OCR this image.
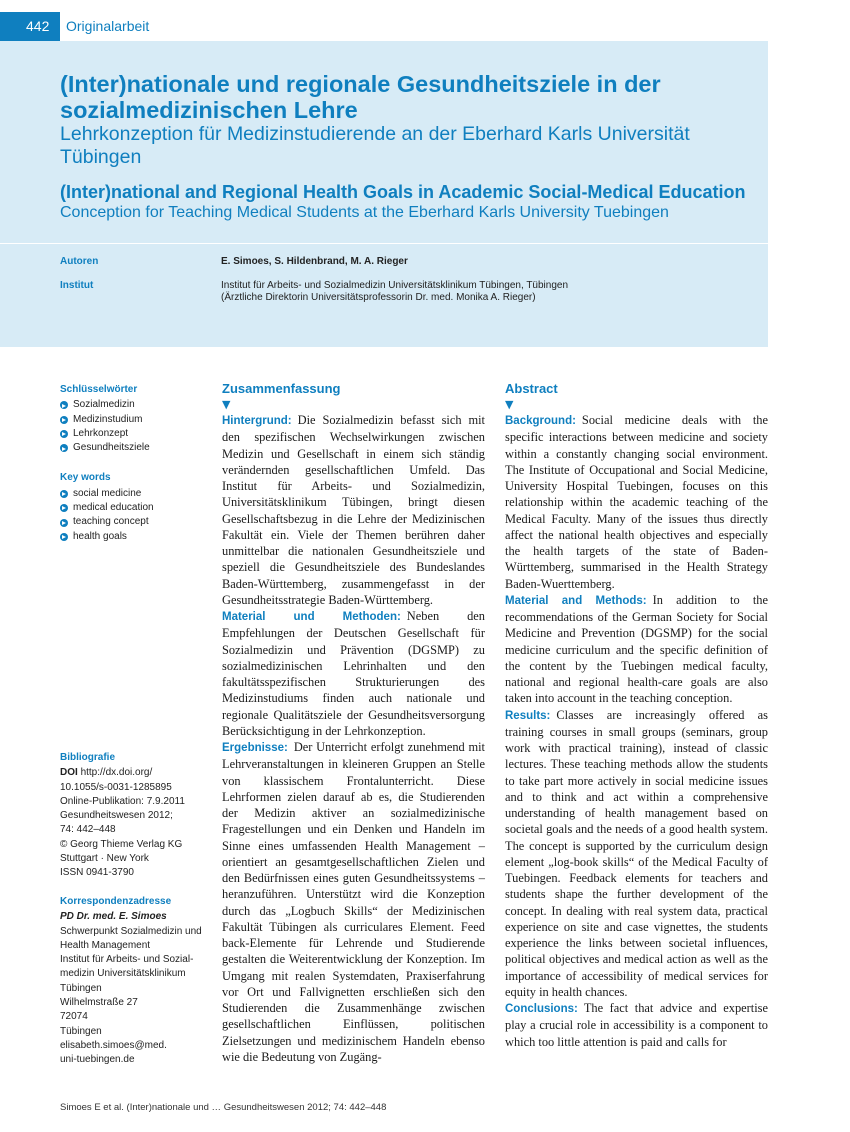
442	Originalarbeit
(Inter)nationale und regionale Gesundheitsziele in der sozialmedizinischen Lehre
Lehrkonzeption für Medizinstudierende an der Eberhard Karls Universität Tübingen
(Inter)national and Regional Health Goals in Academic Social-Medical Education
Conception for Teaching Medical Students at the Eberhard Karls University Tuebingen
Autoren	E. Simoes, S. Hildenbrand, M. A. Rieger
Institut	Institut für Arbeits- und Sozialmedizin Universitätsklinikum Tübingen, Tübingen
(Ärztliche Direktorin Universitätsprofessorin Dr. med. Monika A. Rieger)
Schlüsselwörter
Sozialmedizin
Medizinstudium
Lehrkonzept
Gesundheitsziele
Key words
social medicine
medical education
teaching concept
health goals
Bibliografie
DOI http://dx.doi.org/
10.1055/s-0031-1285895
Online-Publikation: 7.9.2011
Gesundheitswesen 2012;
74: 442–448
© Georg Thieme Verlag KG
Stuttgart · New York
ISSN 0941-3790
Korrespondenzadresse
PD Dr. med. E. Simoes
Schwerpunkt Sozialmedizin und
Health Management
Institut für Arbeits- und Sozial-
medizin Universitätsklinikum
Tübingen
Wilhelmstraße 27
72074
Tübingen
elisabeth.simoes@med.
uni-tuebingen.de
Zusammenfassung
▼

Hintergrund: Die Sozialmedizin befasst sich mit den spezifischen Wechselwirkungen zwischen Medizin und Gesellschaft in einem sich ständig verändernden gesellschaftlichen Umfeld. Das Institut für Arbeits- und Sozialmedizin, Universitätsklinikum Tübingen, bringt diesen Gesellschaftsbezug in die Lehre der Medizinischen Fakultät ein. Viele der Themen berühren daher unmittelbar die nationalen Gesundheitsziele und speziell die Gesundheitsziele des Bundeslandes Baden-Württemberg, zusammengefasst in der Gesundheitsstrategie Baden-Württemberg.

Material und Methoden: Neben den Empfehlungen der Deutschen Gesellschaft für Sozialmedizin und Prävention (DGSMP) zu sozialmedizinischen Lehrinhalten und den fakultätsspezifischen Strukturierungen des Medizinstudiums finden auch nationale und regionale Qualitätsziele der Gesundheitsversorgung Berücksichtigung in der Lehrkonzeption.

Ergebnisse: Der Unterricht erfolgt zunehmend mit Lehrveranstaltungen in kleineren Gruppen an Stelle von klassischem Frontalunterricht. Diese Lehrformen zielen darauf ab es, die Studierenden der Medizin aktiver an sozialmedizinische Fragestellungen und ein Denken und Handeln im Sinne eines umfassenden Health Management – orientiert an gesamtgesellschaftlichen Zielen und den Bedürfnissen eines guten Gesundheitssystems – heranzuführen. Unterstützt wird die Konzeption durch das „Logbuch Skills“ der Medizinischen Fakultät Tübingen als curriculares Element. Feed back-Elemente für Lehrende und Studierende gestalten die Weiterentwicklung der Konzeption. Im Umgang mit realen Systemdaten, Praxiserfahrung vor Ort und Fallvignetten erschließen sich den Studierenden die Zusammenhänge zwischen gesellschaftlichen Einflüssen, politischen Zielsetzungen und medizinischem Handeln ebenso wie die Bedeutung von Zugäng-

Abstract
▼

Background: Social medicine deals with the specific interactions between medicine and society within a constantly changing social environment. The Institute of Occupational and Social Medicine, University Hospital Tuebingen, focuses on this relationship within the academic teaching of the Medical Faculty. Many of the issues thus directly affect the national health objectives and especially the health targets of the state of Baden-Württemberg, summarised in the Health Strategy Baden-Wuerttemberg.

Material and Methods: In addition to the recommendations of the German Society for Social Medicine and Prevention (DGSMP) for the social medicine curriculum and the specific definition of the content by the Tuebingen medical faculty, national and regional health-care goals are also taken into account in the teaching conception.

Results: Classes are increasingly offered as training courses in small groups (seminars, group work with practical training), instead of classic lectures. These teaching methods allow the students to take part more actively in social medicine issues and to think and act within a comprehensive understanding of health management based on societal goals and the needs of a good health system. The concept is supported by the curriculum design element „log-book skills“ of the Medical Faculty of Tuebingen. Feedback elements for teachers and students shape the further development of the concept. In dealing with real system data, practical experience on site and case vignettes, the students experience the links between societal influences, political objectives and medical action as well as the importance of accessibility of medical services for equity in health chances.

Conclusions: The fact that advice and expertise play a crucial role in accessibility is a component to which too little attention is paid and calls for

Simoes E et al. (Inter)nationale und … Gesundheitswesen 2012; 74: 442–448
